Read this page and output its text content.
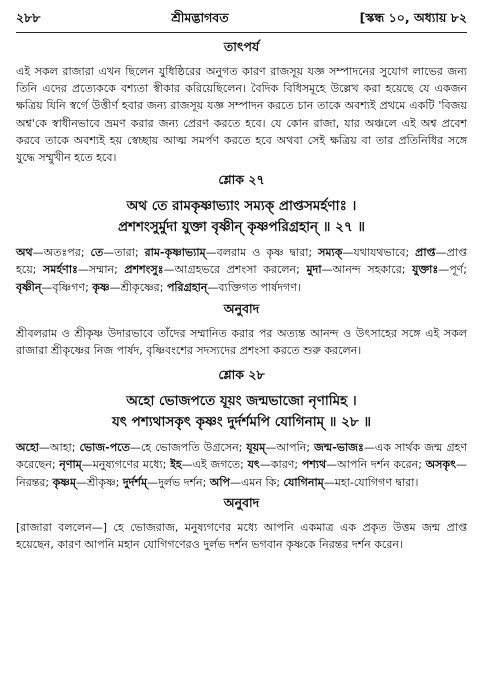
২৮৮	শ্রীমদ্ভাগবত	[স্কন্ধ ১০, অধ্যায় ৮২
তাৎপর্য

এই সকল রাজারা এখন ছিলেন যুধিষ্ঠিরের অনুগত কারণ রাজসূয় যজ্ঞ সম্পাদনের সুযোগ লাভের জন্য তিনি এদের প্রত্যেককে বশ্যতা স্বীকার করিয়েছিলেন। বৈদিক বিধিসমূহে উল্লেখ করা হয়েছে যে একজন ক্ষত্রিয় যিনি স্বর্গে উত্তীর্ণ হবার জন্য রাজসূয় যজ্ঞ সম্পাদন করতে চান তাকে অবশ্যই প্রথমে একটি 'বিজয় অশ্ব'কে স্বাধীনভাবে ভ্রমণ করার জন্য প্রেরণ করতে হবে। যে কোন রাজা, যার অঞ্চলে এই অশ্ব প্রবেশ করবে তাকে অবশ্যই হয় স্বেচ্ছায় আত্ম সমর্পণ করতে হবে অথবা সেই ক্ষত্রিয় বা তার প্রতিনিধির সঙ্গে যুদ্ধে সম্মুখীন হতে হবে।

শ্লোক ২৭

অথ তে রামকৃষ্ণাভ্যাং সম্যক্ প্রাপ্তসমর্হণাঃ ।

প্রশশংসুর্মুদা যুক্তা বৃষ্ণীন্ কৃষ্ণপরিগ্রহান্ ॥ ২৭ ॥

অথ—অতঃপর; তে—তারা; রাম-কৃষ্ণাভ্যাম্—বলরাম ও কৃষ্ণ দ্বারা; সম্যক্—যথাযথভাবে; প্রাপ্ত—প্রাপ্ত হয়ে; সমর্হণাঃ—সম্মান; প্রশশংসুঃ—আগ্রহভরে প্রশংসা করলেন; মুদা—আনন্দ সহকারে; যুক্তাঃ—পূর্ণ; বৃষ্ণীন্—বৃষ্ণিগণ; কৃষ্ণ—শ্রীকৃষ্ণের; পরিগ্রহান্—ব্যক্তিগত পার্ষদগণ।

অনুবাদ

শ্রীবলরাম ও শ্রীকৃষ্ণ উদারভাবে তাঁদের সম্মানিত করার পর অত্যন্ত আনন্দ ও উৎসাহের সঙ্গে এই সকল রাজারা শ্রীকৃষ্ণের নিজ পার্ষদ, বৃষ্ণিবংশের সদস্যদের প্রশংসা করতে শুরু করলেন।

শ্লোক ২৮

অহো ভোজপতে যূয়ং জন্মভাজো নৃণামিহ ।

যৎ পশ্যথাসকৃৎ কৃষ্ণং দুর্দর্শমপি যোগিনাম্ ॥ ২৮ ॥

অহো—আহা; ভোজ-পতে—হে ভোজপতি উগ্রসেন; যূয়ম্—আপনি; জন্ম-ভাজঃ—এক সার্থক জন্ম গ্রহণ করেছেন; নৃণাম্—মনুষ্যগণের মধ্যে; ইহ—এই জগতে; যৎ—কারণ; পশ্যথ—আপনি দর্শন করেন; অসকৃৎ—নিরন্তর; কৃষ্ণম্—শ্রীকৃষ্ণ; দুর্দর্শম্—দুর্লভ দর্শন; অপি—এমন কি; যোগিনাম্—মহা-যোগিগণ দ্বারা।

অনুবাদ

[রাজারা বললেন—] হে ভোজরাজ, মনুষ্যগণের মধ্যে আপনি একমাত্র এক প্রকৃত উত্তম জন্ম প্রাপ্ত হয়েছেন, কারণ আপনি মহান যোগিগণেরও দুর্লভ দর্শন ভগবান কৃষ্ণকে নিরন্তর দর্শন করেন।
